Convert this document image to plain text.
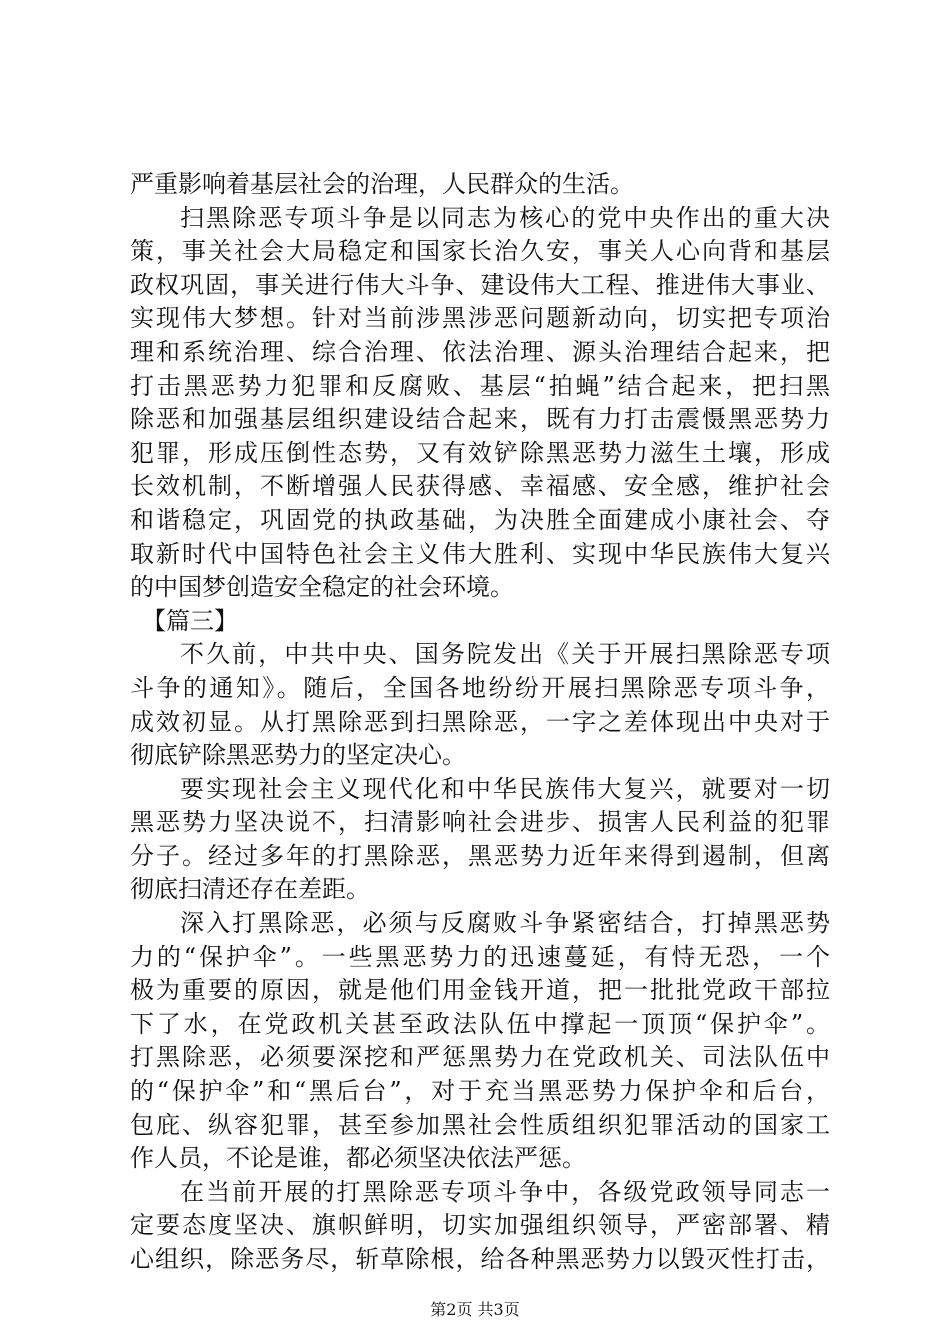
严重影响着基层社会的治理，人民群众的生活。
扫黑除恶专项斗争是以同志为核心的党中央作出的重大决
策，事关社会大局稳定和国家长治久安，事关人心向背和基层
政权巩固，事关进行伟大斗争、建设伟大工程、推进伟大事业、
实现伟大梦想。针对当前涉黑涉恶问题新动向，切实把专项治
理和系统治理、综合治理、依法治理、源头治理结合起来，把
打击黑恶势力犯罪和反腐败、基层“拍蝇”结合起来，把扫黑
除恶和加强基层组织建设结合起来，既有力打击震慑黑恶势力
犯罪，形成压倒性态势，又有效铲除黑恶势力滋生土壤，形成
长效机制，不断增强人民获得感、幸福感、安全感，维护社会
和谐稳定，巩固党的执政基础，为决胜全面建成小康社会、夺
取新时代中国特色社会主义伟大胜利、实现中华民族伟大复兴
的中国梦创造安全稳定的社会环境。
【篇三】
不久前，中共中央、国务院发出《关于开展扫黑除恶专项
斗争的通知》。随后，全国各地纷纷开展扫黑除恶专项斗争，
成效初显。从打黑除恶到扫黑除恶，一字之差体现出中央对于
彻底铲除黑恶势力的坚定决心。
要实现社会主义现代化和中华民族伟大复兴，就要对一切
黑恶势力坚决说不，扫清影响社会进步、损害人民利益的犯罪
分子。经过多年的打黑除恶，黑恶势力近年来得到遏制，但离
彻底扫清还存在差距。
深入打黑除恶，必须与反腐败斗争紧密结合，打掉黑恶势
力的“保护伞”。一些黑恶势力的迅速蔓延，有恃无恐，一个
极为重要的原因，就是他们用金钱开道，把一批批党政干部拉
下了水，在党政机关甚至政法队伍中撑起一顶顶“保护伞”。
打黑除恶，必须要深挖和严惩黑势力在党政机关、司法队伍中
的“保护伞”和“黑后台”，对于充当黑恶势力保护伞和后台，
包庇、纵容犯罪，甚至参加黑社会性质组织犯罪活动的国家工
作人员，不论是谁，都必须坚决依法严惩。
在当前开展的打黑除恶专项斗争中，各级党政领导同志一
定要态度坚决、旗帜鲜明，切实加强组织领导，严密部署、精
心组织，除恶务尽，斩草除根，给各种黑恶势力以毁灭性打击，
第2页 共3页
